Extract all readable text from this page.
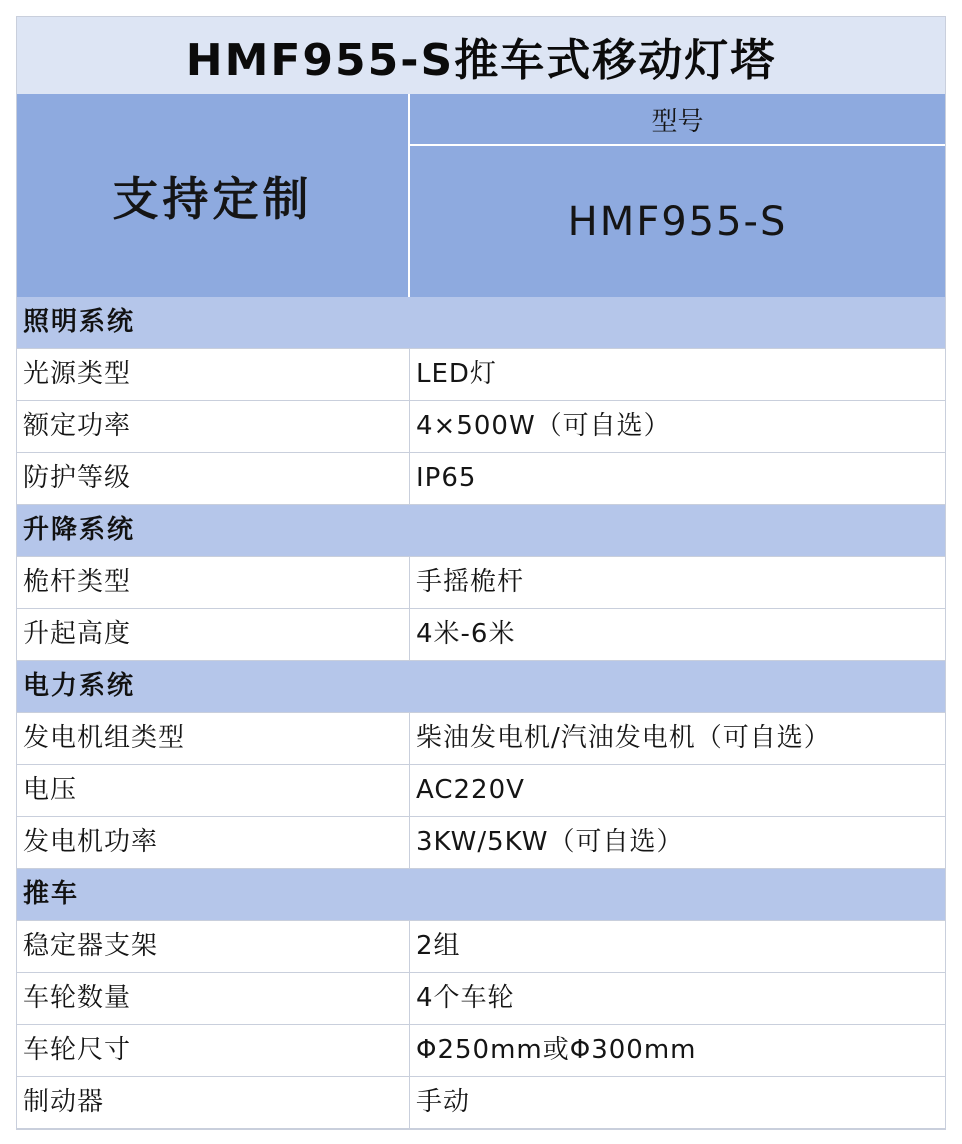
HMF955-S推车式移动灯塔
支持定制
型号
HMF955-S
照明系统
光源类型	LED灯
额定功率	4×500W（可自选）
防护等级	IP65
升降系统
桅杆类型	手摇桅杆
升起高度	4米-6米
电力系统
发电机组类型	柴油发电机/汽油发电机（可自选）
电压	AC220V
发电机功率	3KW/5KW（可自选）
推车
稳定器支架	2组
车轮数量	4个车轮
车轮尺寸	Φ250mm或Φ300mm
制动器	手动
